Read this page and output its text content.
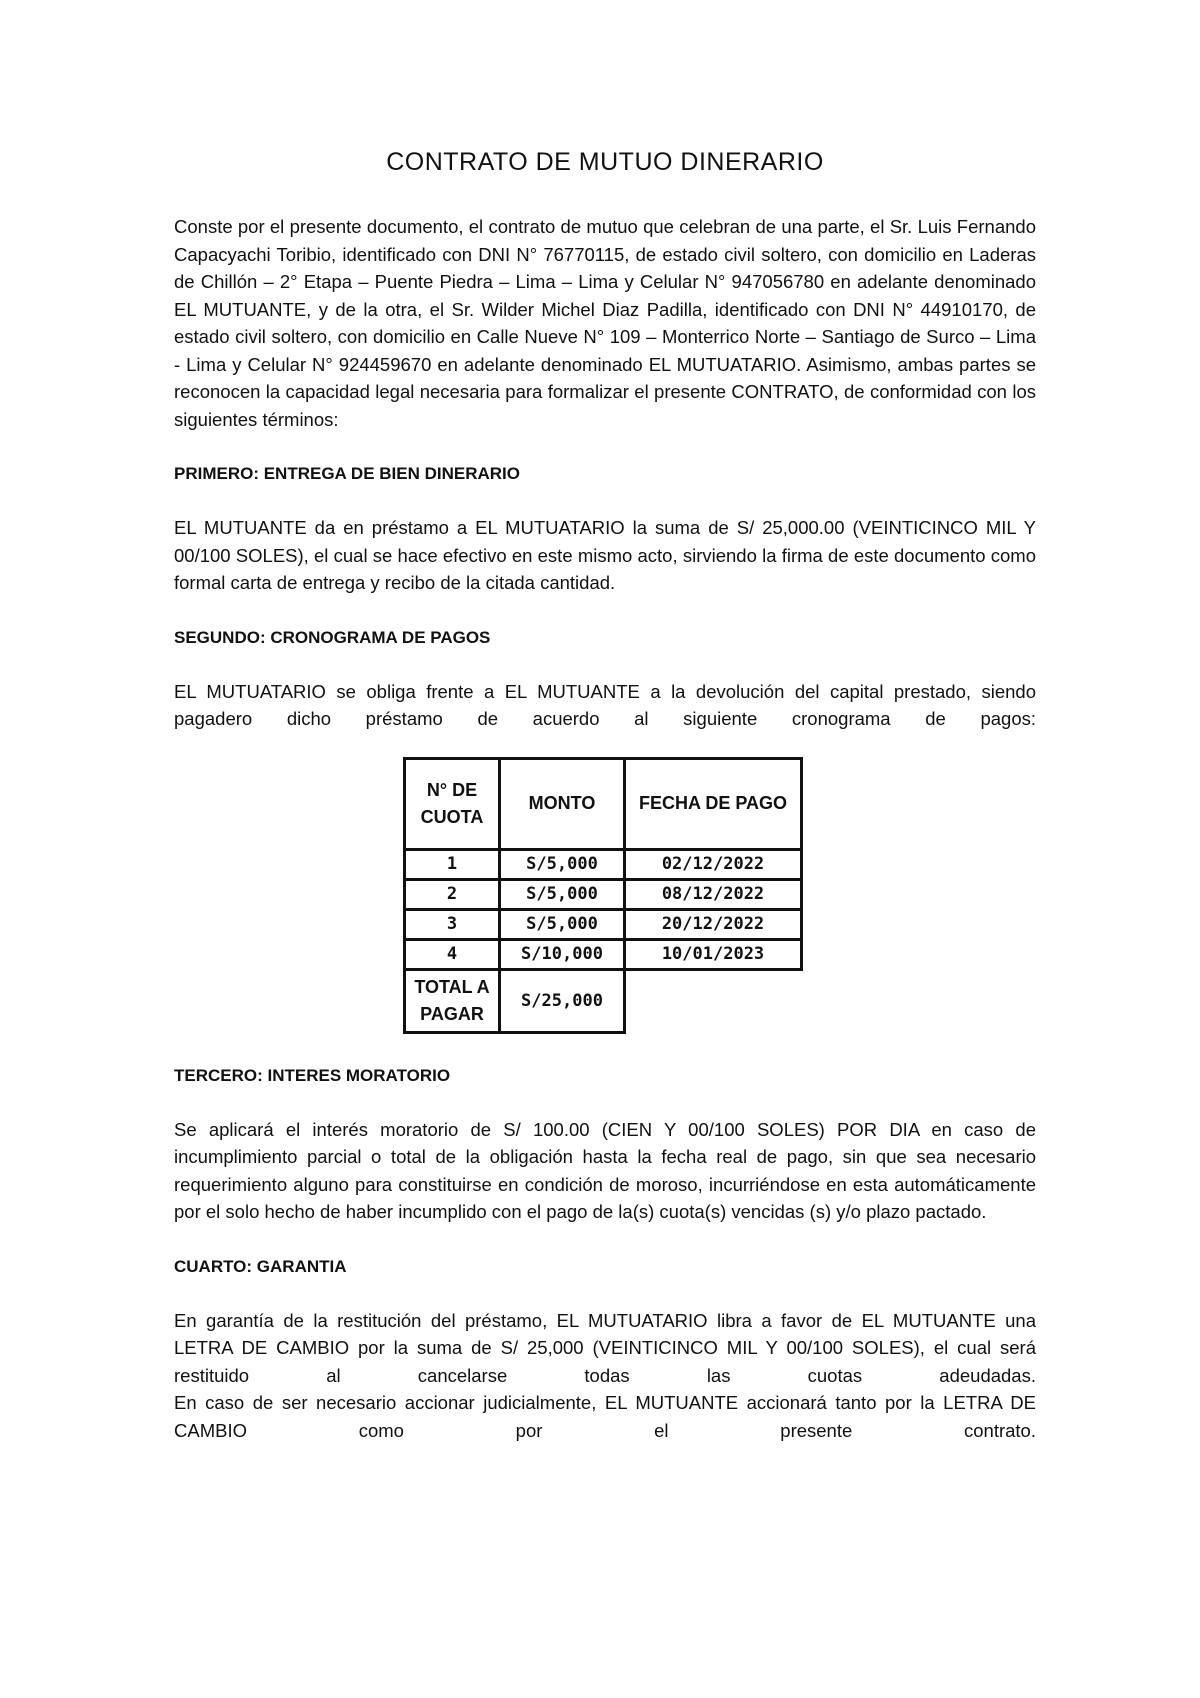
CONTRATO DE MUTUO DINERARIO

Conste por el presente documento, el contrato de mutuo que celebran de una parte, el Sr. Luis Fernando Capacyachi Toribio, identificado con DNI N° 76770115, de estado civil soltero, con domicilio en Laderas de Chillón – 2° Etapa – Puente Piedra – Lima – Lima y Celular N° 947056780 en adelante denominado EL MUTUANTE, y de la otra, el Sr. Wilder Michel Diaz Padilla, identificado con DNI N° 44910170, de estado civil soltero, con domicilio en Calle Nueve N° 109 – Monterrico Norte – Santiago de Surco – Lima - Lima y Celular N° 924459670 en adelante denominado EL MUTUATARIO. Asimismo, ambas partes se reconocen la capacidad legal necesaria para formalizar el presente CONTRATO, de conformidad con los siguientes términos:

PRIMERO: ENTREGA DE BIEN DINERARIO

EL MUTUANTE da en préstamo a EL MUTUATARIO la suma de S/ 25,000.00 (VEINTICINCO MIL Y 00/100 SOLES), el cual se hace efectivo en este mismo acto, sirviendo la firma de este documento como formal carta de entrega y recibo de la citada cantidad.

SEGUNDO: CRONOGRAMA DE PAGOS

EL MUTUATARIO se obliga frente a EL MUTUANTE a la devolución del capital prestado, siendo pagadero dicho préstamo de acuerdo al siguiente cronograma de pagos:

N° DE CUOTA	MONTO	FECHA DE PAGO
1	S/5,000	02/12/2022
2	S/5,000	08/12/2022
3	S/5,000	20/12/2022
4	S/10,000	10/01/2023
TOTAL A PAGAR	S/25,000	
TERCERO: INTERES MORATORIO

Se aplicará el interés moratorio de S/ 100.00 (CIEN Y 00/100 SOLES) POR DIA en caso de incumplimiento parcial o total de la obligación hasta la fecha real de pago, sin que sea necesario requerimiento alguno para constituirse en condición de moroso, incurriéndose en esta automáticamente por el solo hecho de haber incumplido con el pago de la(s) cuota(s) vencidas (s) y/o plazo pactado.

CUARTO: GARANTIA

En garantía de la restitución del préstamo, EL MUTUATARIO libra a favor de EL MUTUANTE una LETRA DE CAMBIO por la suma de S/ 25,000 (VEINTICINCO MIL Y 00/100 SOLES), el cual será restituido al cancelarse todas las cuotas adeudadas.

En caso de ser necesario accionar judicialmente, EL MUTUANTE accionará tanto por la LETRA DE CAMBIO como por el presente contrato.
